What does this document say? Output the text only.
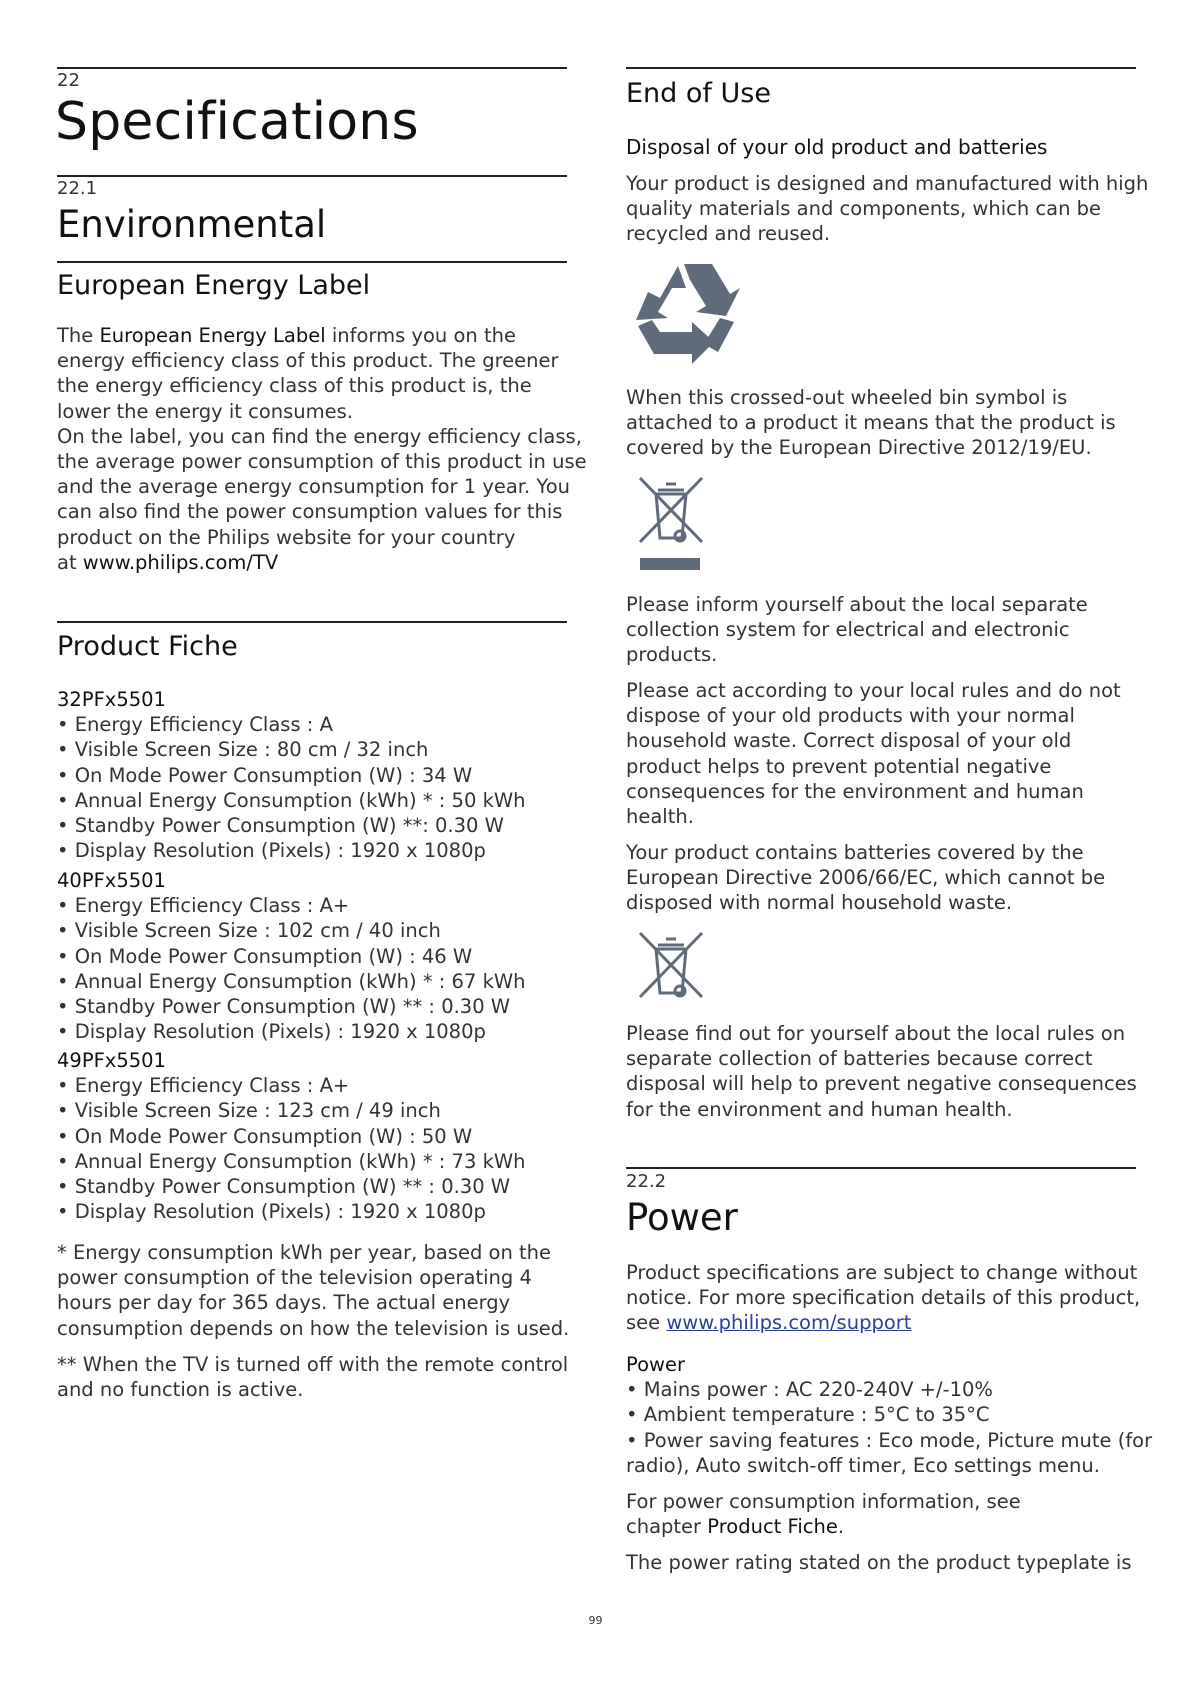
22
Specifications
22.1
Environmental
European Energy Label
The European Energy Label informs you on the
energy efficiency class of this product. The greener
the energy efficiency class of this product is, the
lower the energy it consumes.
On the label, you can find the energy efficiency class,
the average power consumption of this product in use
and the average energy consumption for 1 year. You
can also find the power consumption values for this
product on the Philips website for your country
at www.philips.com/TV
Product Fiche
32PFx5501
• Energy Efficiency Class : A
• Visible Screen Size : 80 cm / 32 inch
• On Mode Power Consumption (W) : 34 W
• Annual Energy Consumption (kWh) * : 50 kWh
• Standby Power Consumption (W) **: 0.30 W
• Display Resolution (Pixels) : 1920 x 1080p
40PFx5501
• Energy Efficiency Class : A+
• Visible Screen Size : 102 cm / 40 inch
• On Mode Power Consumption (W) : 46 W
• Annual Energy Consumption (kWh) * : 67 kWh
• Standby Power Consumption (W) ** : 0.30 W
• Display Resolution (Pixels) : 1920 x 1080p
49PFx5501
• Energy Efficiency Class : A+
• Visible Screen Size : 123 cm / 49 inch
• On Mode Power Consumption (W) : 50 W
• Annual Energy Consumption (kWh) * : 73 kWh
• Standby Power Consumption (W) ** : 0.30 W
• Display Resolution (Pixels) : 1920 x 1080p
* Energy consumption kWh per year, based on the
power consumption of the television operating 4
hours per day for 365 days. The actual energy
consumption depends on how the television is used.
** When the TV is turned off with the remote control
and no function is active.
End of Use
Disposal of your old product and batteries
Your product is designed and manufactured with high
quality materials and components, which can be
recycled and reused.
When this crossed-out wheeled bin symbol is
attached to a product it means that the product is
covered by the European Directive 2012/19/EU.
Please inform yourself about the local separate
collection system for electrical and electronic
products.
Please act according to your local rules and do not
dispose of your old products with your normal
household waste. Correct disposal of your old
product helps to prevent potential negative
consequences for the environment and human
health.
Your product contains batteries covered by the
European Directive 2006/66/EC, which cannot be
disposed with normal household waste.
Please find out for yourself about the local rules on
separate collection of batteries because correct
disposal will help to prevent negative consequences
for the environment and human health.
22.2
Power
Product specifications are subject to change without
notice. For more specification details of this product,
see www.philips.com/support
Power
• Mains power : AC 220-240V +/-10%
• Ambient temperature : 5°C to 35°C
• Power saving features : Eco mode, Picture mute (for
radio), Auto switch-off timer, Eco settings menu.
For power consumption information, see
chapter Product Fiche.
The power rating stated on the product typeplate is
99
